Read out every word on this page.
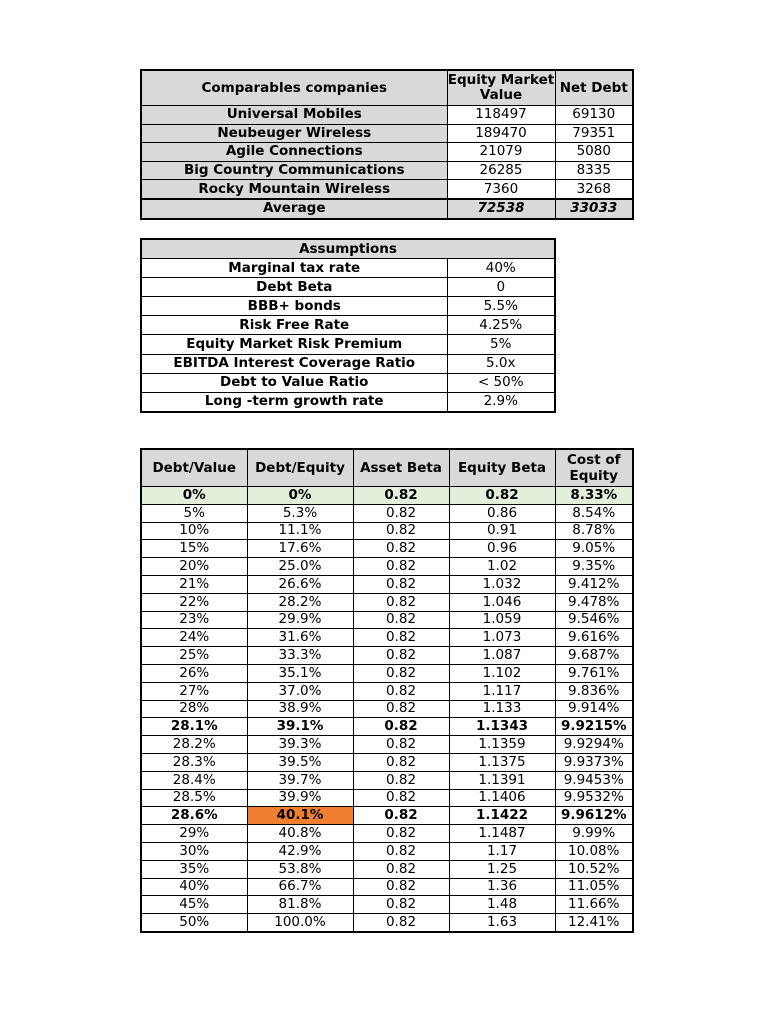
Comparables companies	Equity Market Value	Net Debt
Universal Mobiles	118497	69130
Neubeuger Wireless	189470	79351
Agile Connections	21079	5080
Big Country Communications	26285	8335
Rocky Mountain Wireless	7360	3268
Average	72538	33033
Assumptions	
Marginal tax rate	40%
Debt Beta	0
BBB+ bonds	5.5%
Risk Free Rate	4.25%
Equity Market Risk Premium	5%
EBITDA Interest Coverage Ratio	5.0x
Debt to Value Ratio	< 50%
Long -term growth rate	2.9%
Debt/Value	Debt/Equity	Asset Beta	Equity Beta	Cost of Equity
0%	0%	0.82	0.82	8.33%
5%	5.3%	0.82	0.86	8.54%
10%	11.1%	0.82	0.91	8.78%
15%	17.6%	0.82	0.96	9.05%
20%	25.0%	0.82	1.02	9.35%
21%	26.6%	0.82	1.032	9.412%
22%	28.2%	0.82	1.046	9.478%
23%	29.9%	0.82	1.059	9.546%
24%	31.6%	0.82	1.073	9.616%
25%	33.3%	0.82	1.087	9.687%
26%	35.1%	0.82	1.102	9.761%
27%	37.0%	0.82	1.117	9.836%
28%	38.9%	0.82	1.133	9.914%
28.1%	39.1%	0.82	1.1343	9.9215%
28.2%	39.3%	0.82	1.1359	9.9294%
28.3%	39.5%	0.82	1.1375	9.9373%
28.4%	39.7%	0.82	1.1391	9.9453%
28.5%	39.9%	0.82	1.1406	9.9532%
28.6%	40.1%	0.82	1.1422	9.9612%
29%	40.8%	0.82	1.1487	9.99%
30%	42.9%	0.82	1.17	10.08%
35%	53.8%	0.82	1.25	10.52%
40%	66.7%	0.82	1.36	11.05%
45%	81.8%	0.82	1.48	11.66%
50%	100.0%	0.82	1.63	12.41%
